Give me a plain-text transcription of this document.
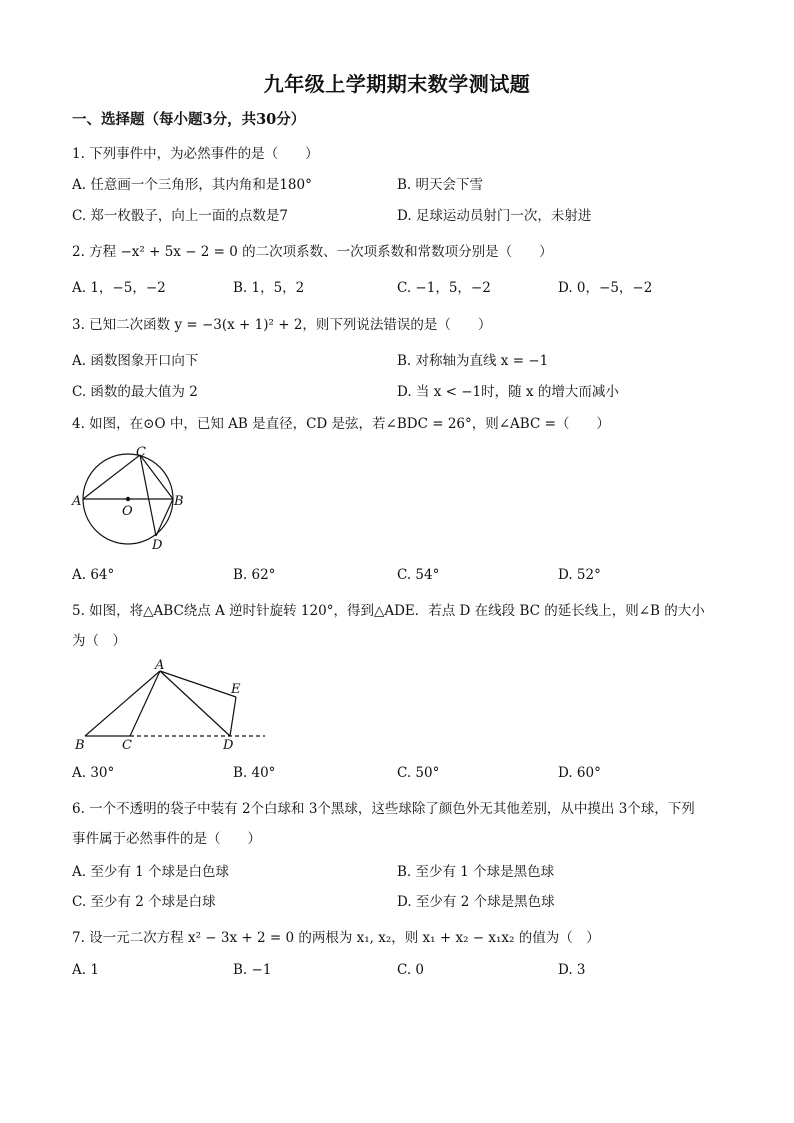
九年级上学期期末数学测试题
一、选择题（每小题3分，共30分）
1. 下列事件中，为必然事件的是（　　）
A. 任意画一个三角形，其内角和是180°	B. 明天会下雪
C. 郑一枚骰子，向上一面的点数是7	D. 足球运动员射门一次，未射进
2. 方程 −x² + 5x − 2 = 0 的二次项系数、一次项系数和常数项分别是（　　）
A. 1，−5，−2	B. 1，5，2	C. −1，5，−2	D. 0，−5，−2
3. 已知二次函数 y = −3(x + 1)² + 2，则下列说法错误的是（　　）
A. 函数图象开口向下	B. 对称轴为直线 x = −1
C. 函数的最大值为 2	D. 当 x < −1时，随 x 的增大而减小
4. 如图，在⊙O 中，已知 AB 是直径，CD 是弦，若∠BDC = 26°，则∠ABC =（　　）
C
A
O
B
D
A. 64°	B. 62°	C. 54°	D. 52°
5. 如图，将△ABC绕点 A 逆时针旋转 120°，得到△ADE．若点 D 在线段 BC 的延长线上，则∠B 的大小
为（　）
A
E
B	C	D
A. 30°	B. 40°	C. 50°	D. 60°
6. 一个不透明的袋子中装有 2个白球和 3个黑球，这些球除了颜色外无其他差别，从中摸出 3个球，下列
事件属于必然事件的是（　　）
A. 至少有 1 个球是白色球	B. 至少有 1 个球是黑色球
C. 至少有 2 个球是白球	D. 至少有 2 个球是黑色球
7. 设一元二次方程 x² − 3x + 2 = 0 的两根为 x₁, x₂，则 x₁ + x₂ − x₁x₂ 的值为（　）
A. 1	B. −1	C. 0	D. 3
